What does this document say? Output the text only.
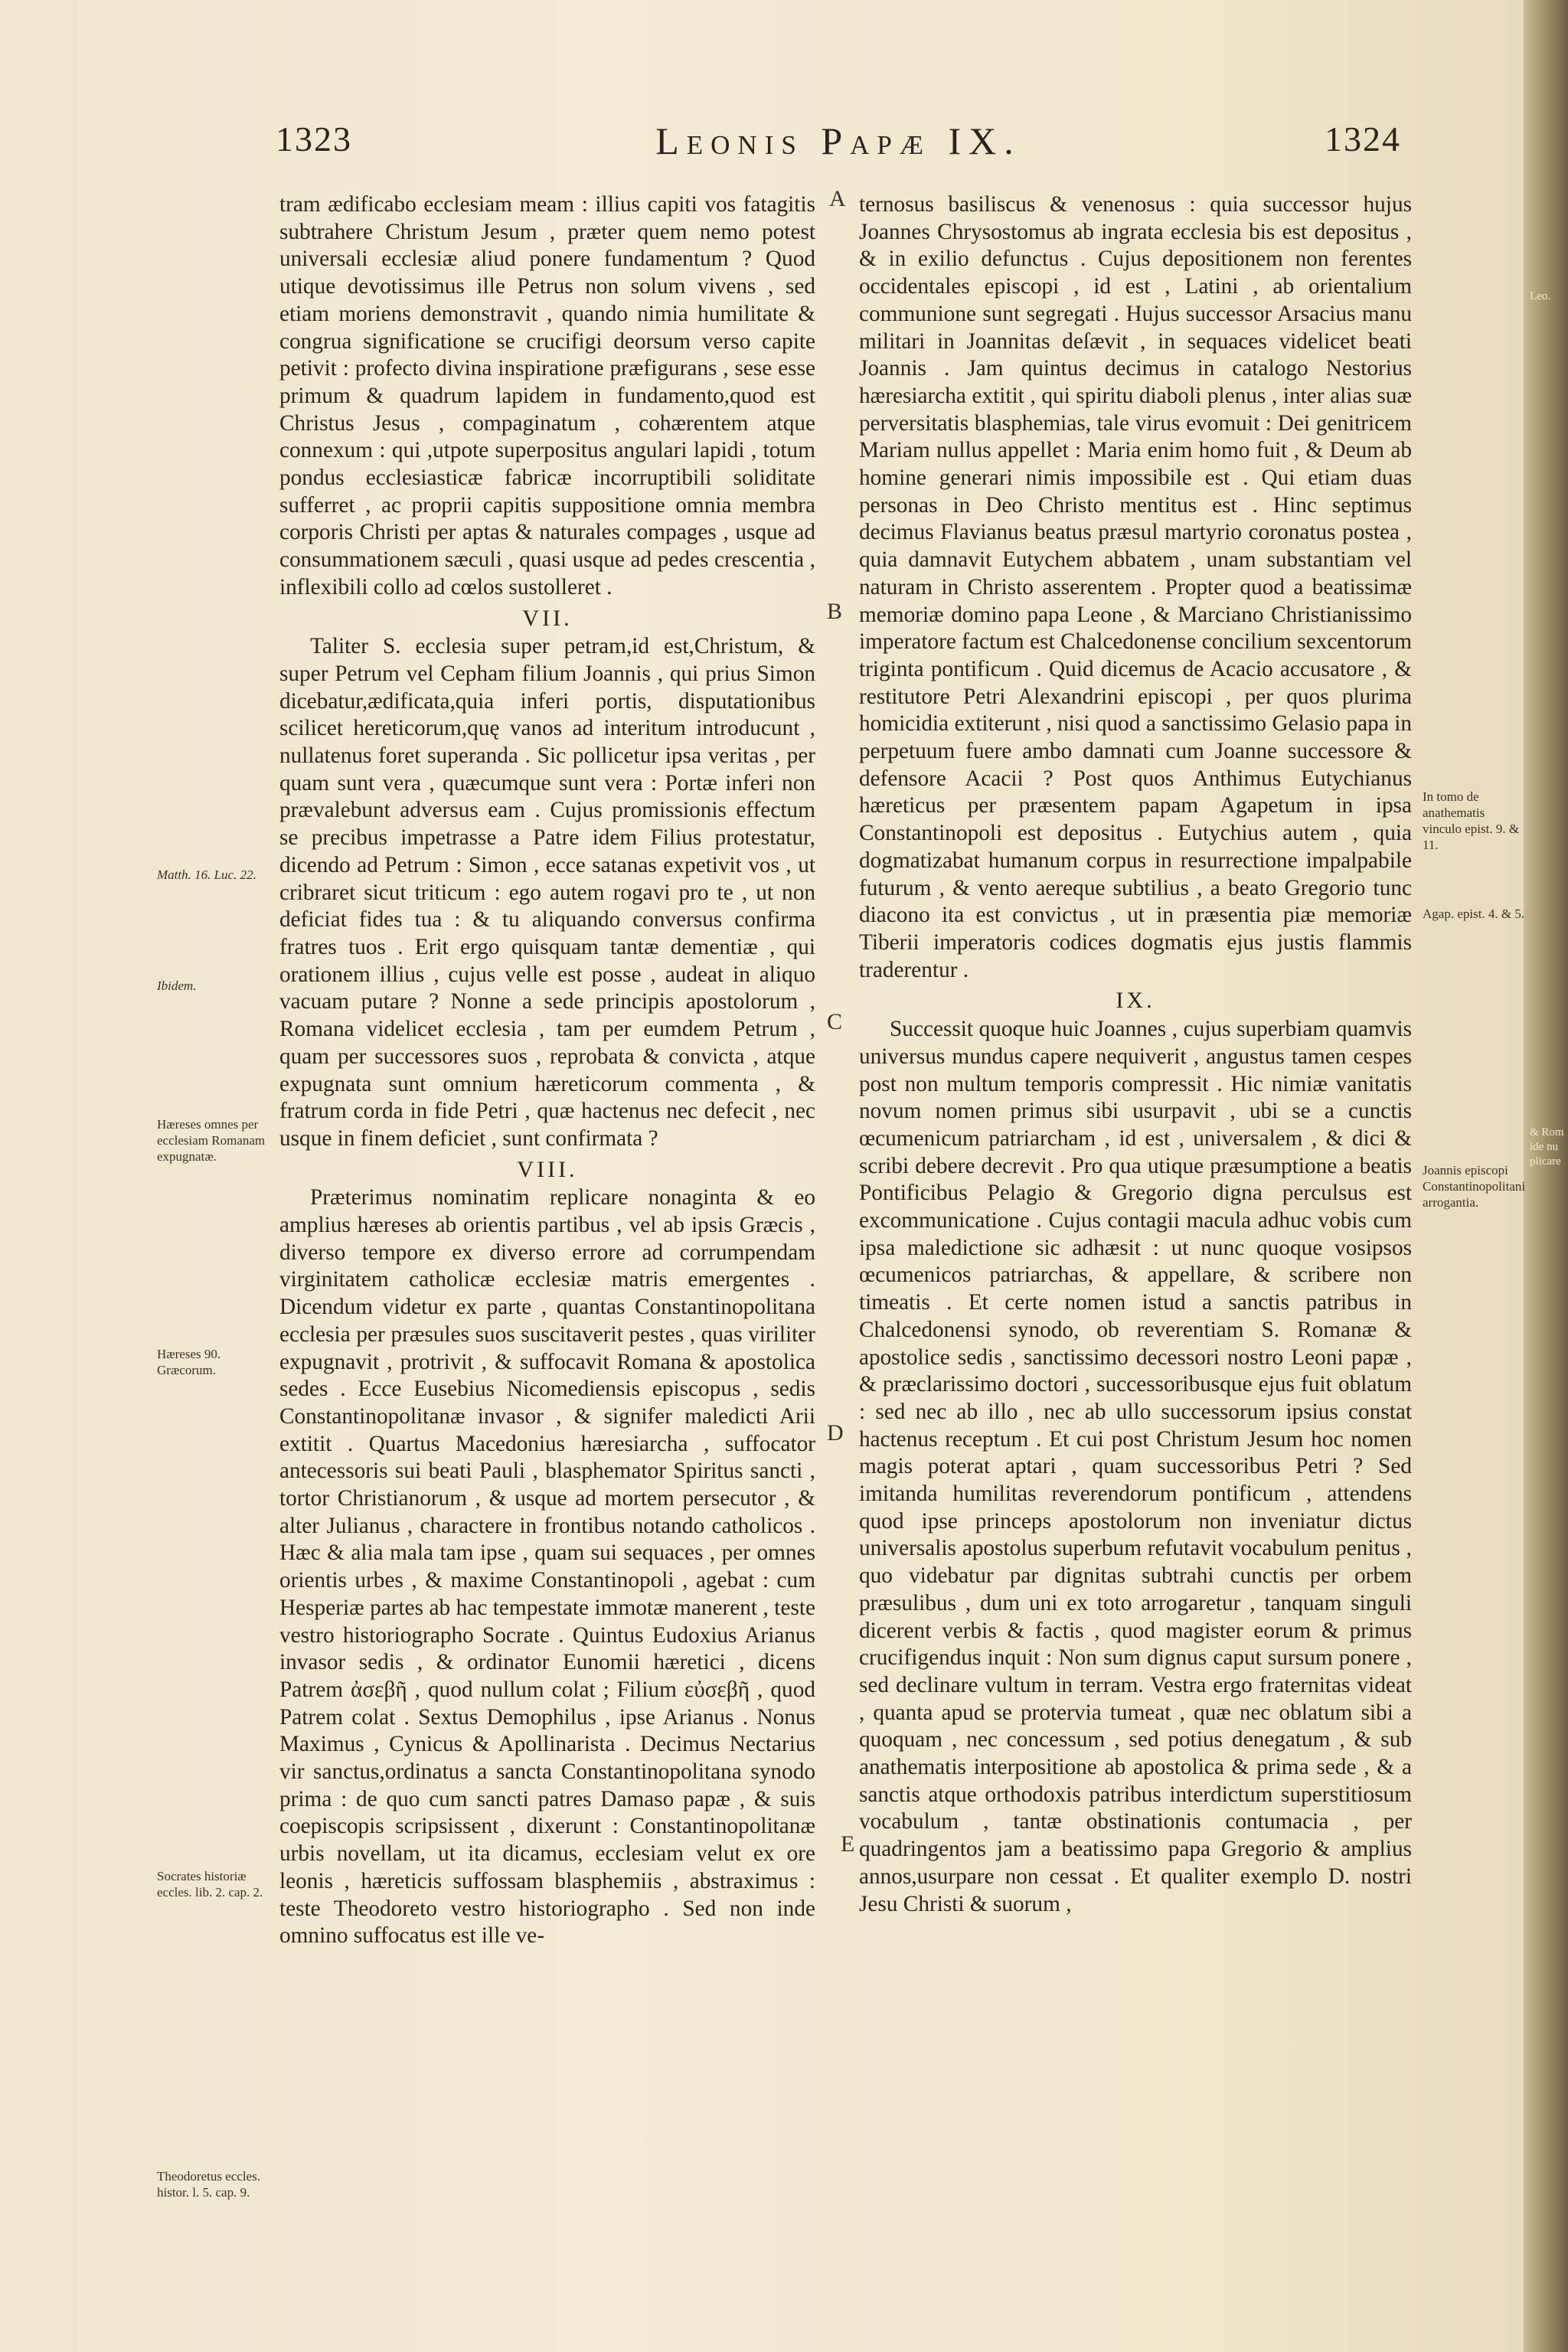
1323	Leonis Papæ IX.	1324
A
B
C
D
E
Matth. 16. Luc. 22.
Ibidem.
Hæreses omnes per ecclesiam Romanam expugnatæ.
Hæreses 90. Græcorum.
Socrates historiæ eccles. lib. 2. cap. 2.
Theodoretus eccles. histor. l. 5. cap. 9.
In tomo de anathematis vinculo epist. 9. & 11.
Agap. epist. 4. & 5.
Joannis episcopi Constantinopolitani arrogantia.
Leo.
& Rom ide nu plicare

tram ædificabo ecclesiam meam : illius capiti vos fatagitis subtrahere Christum Jesum , præter quem nemo potest universali ecclesiæ aliud ponere fundamentum ? Quod utique devotissimus ille Petrus non solum vivens , sed etiam moriens demonstravit , quando nimia humilitate & congrua significatione se crucifigi deorsum verso capite petivit : profecto divina inspiratione præfigurans , sese esse primum & quadrum lapidem in fundamento,quod est Christus Jesus , compaginatum , cohærentem atque connexum : qui ,utpote superpositus angulari lapidi , totum pondus ecclesiasticæ fabricæ incorruptibili soliditate sufferret , ac proprii capitis suppositione omnia membra corporis Christi per aptas & naturales compages , usque ad consummationem sæculi , quasi usque ad pedes crescentia , inflexibili collo ad cœlos sustolleret .

VII.

Taliter S. ecclesia super petram,id est,Christum, & super Petrum vel Cepham filium Joannis , qui prius Simon dicebatur,ædificata,quia inferi portis, disputationibus scilicet hereticorum,quę vanos ad interitum introducunt , nullatenus foret superanda . Sic pollicetur ipsa veritas , per quam sunt vera , quæcumque sunt vera : Portæ inferi non prævalebunt adversus eam . Cujus promissionis effectum se precibus impetrasse a Patre idem Filius protestatur, dicendo ad Petrum : Simon , ecce satanas expetivit vos , ut cribraret sicut triticum : ego autem rogavi pro te , ut non deficiat fides tua : & tu aliquando conversus confirma fratres tuos . Erit ergo quisquam tantæ dementiæ , qui orationem illius , cujus velle est posse , audeat in aliquo vacuam putare ? Nonne a sede principis apostolorum , Romana videlicet ecclesia , tam per eumdem Petrum , quam per successores suos , reprobata & convicta , atque expugnata sunt omnium hæreticorum commenta , & fratrum corda in fide Petri , quæ hactenus nec defecit , nec usque in finem deficiet , sunt confirmata ?

VIII.

Præterimus nominatim replicare nonaginta & eo amplius hæreses ab orientis partibus , vel ab ipsis Græcis , diverso tempore ex diverso errore ad corrumpendam virginitatem catholicæ ecclesiæ matris emergentes . Dicendum videtur ex parte , quantas Constantinopolitana ecclesia per præsules suos suscitaverit pestes , quas viriliter expugnavit , protrivit , & suffocavit Romana & apostolica sedes . Ecce Eusebius Nicomediensis episcopus , sedis Constantinopolitanæ invasor , & signifer maledicti Arii extitit . Quartus Macedonius hæresiarcha , suffocator antecessoris sui beati Pauli , blasphemator Spiritus sancti , tortor Christianorum , & usque ad mortem persecutor , & alter Julianus , charactere in frontibus notando catholicos . Hæc & alia mala tam ipse , quam sui sequaces , per omnes orientis urbes , & maxime Constantinopoli , agebat : cum Hesperiæ partes ab hac tempestate immotæ manerent , teste vestro historiographo Socrate . Quintus Eudoxius Arianus invasor sedis , & ordinator Eunomii hæretici , dicens Patrem ἀσεβῆ , quod nullum colat ; Filium εὐσεβῆ , quod Patrem colat . Sextus Demophilus , ipse Arianus . Nonus Maximus , Cynicus & Apollinarista . Decimus Nectarius vir sanctus,ordinatus a sancta Constantinopolitana synodo prima : de quo cum sancti patres Damaso papæ , & suis coepiscopis scripsissent , dixerunt : Constantinopolitanæ urbis novellam, ut ita dicamus, ecclesiam velut ex ore leonis , hæreticis suffossam blasphemiis , abstraximus : teste Theodoreto vestro historiographo . Sed non inde omnino suffocatus est ille ve-

ternosus basiliscus & venenosus : quia successor hujus Joannes Chrysostomus ab ingrata ecclesia bis est depositus , & in exilio defunctus . Cujus depositionem non ferentes occidentales episcopi , id est , Latini , ab orientalium communione sunt segregati . Hujus successor Arsacius manu militari in Joannitas deſævit , in sequaces videlicet beati Joannis . Jam quintus decimus in catalogo Nestorius hæresiarcha extitit , qui spiritu diaboli plenus , inter alias suæ perversitatis blasphemias, tale virus evomuit : Dei genitricem Mariam nullus appellet : Maria enim homo fuit , & Deum ab homine generari nimis impossibile est . Qui etiam duas personas in Deo Christo mentitus est . Hinc septimus decimus Flavianus beatus præsul martyrio coronatus postea , quia damnavit Eutychem abbatem , unam substantiam vel naturam in Christo asserentem . Propter quod a beatissimæ memoriæ domino papa Leone , & Marciano Christianissimo imperatore factum est Chalcedonense concilium sexcentorum triginta pontificum . Quid dicemus de Acacio accusatore , & restitutore Petri Alexandrini episcopi , per quos plurima homicidia extiterunt , nisi quod a sanctissimo Gelasio papa in perpetuum fuere ambo damnati cum Joanne successore & defensore Acacii ? Post quos Anthimus Eutychianus hæreticus per præsentem papam Agapetum in ipsa Constantinopoli est depositus . Eutychius autem , quia dogmatizabat humanum corpus in resurrectione impalpabile futurum , & vento aereque subtilius , a beato Gregorio tunc diacono ita est convictus , ut in præsentia piæ memoriæ Tiberii imperatoris codices dogmatis ejus justis flammis traderentur .

IX.

Successit quoque huic Joannes , cujus superbiam quamvis universus mundus capere nequiverit , angustus tamen cespes post non multum temporis compressit . Hic nimiæ vanitatis novum nomen primus sibi usurpavit , ubi se a cunctis œcumenicum patriarcham , id est , universalem , & dici & scribi debere decrevit . Pro qua utique præsumptione a beatis Pontificibus Pelagio & Gregorio digna perculsus est excommunicatione . Cujus contagii macula adhuc vobis cum ipsa maledictione sic adhæsit : ut nunc quoque vosipsos œcumenicos patriarchas, & appellare, & scribere non timeatis . Et certe nomen istud a sanctis patribus in Chalcedonensi synodo, ob reverentiam S. Romanæ & apostolice sedis , sanctissimo decessori nostro Leoni papæ , & præclarissimo doctori , successoribusque ejus fuit oblatum : sed nec ab illo , nec ab ullo successorum ipsius constat hactenus receptum . Et cui post Christum Jesum hoc nomen magis poterat aptari , quam successoribus Petri ? Sed imitanda humilitas reverendorum pontificum , attendens quod ipse princeps apostolorum non inveniatur dictus universalis apostolus superbum refutavit vocabulum penitus , quo videbatur par dignitas subtrahi cunctis per orbem præsulibus , dum uni ex toto arrogaretur , tanquam singuli dicerent verbis & factis , quod magister eorum & primus crucifigendus inquit : Non sum dignus caput sursum ponere , sed declinare vultum in terram. Vestra ergo fraternitas videat , quanta apud se protervia tumeat , quæ nec oblatum sibi a quoquam , nec concessum , sed potius denegatum , & sub anathematis interpositione ab apostolica & prima sede , & a sanctis atque orthodoxis patribus interdictum superstitiosum vocabulum , tantæ obstinationis contumacia , per quadringentos jam a beatissimo papa Gregorio & amplius annos,usurpare non cessat . Et qualiter exemplo D. nostri Jesu Christi & suorum ,
